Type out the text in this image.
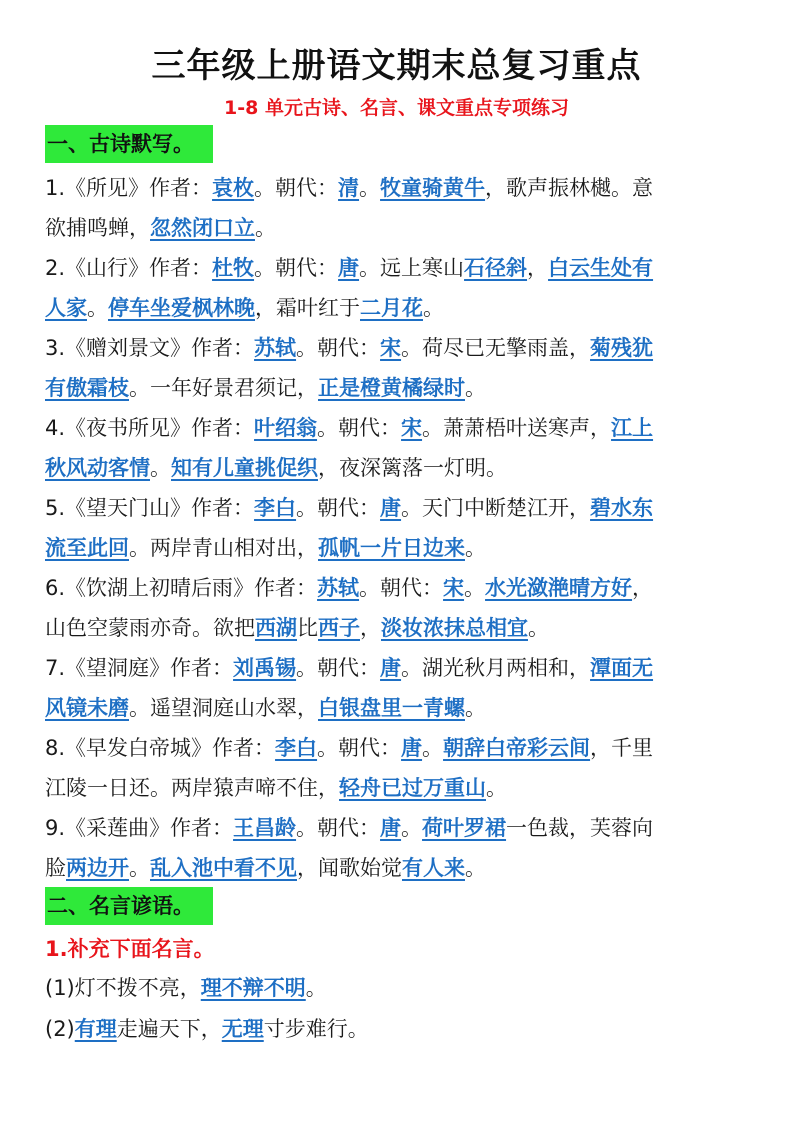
三年级上册语文期末总复习重点
1-8 单元古诗、名言、课文重点专项练习
一、古诗默写。
1.《所见》作者：袁枚。朝代：清。牧童骑黄牛，歌声振林樾。意
欲捕鸣蝉，忽然闭口立。
2.《山行》作者：杜牧。朝代：唐。远上寒山石径斜，白云生处有
人家。停车坐爱枫林晚，霜叶红于二月花。
3.《赠刘景文》作者：苏轼。朝代：宋。荷尽已无擎雨盖，菊残犹
有傲霜枝。一年好景君须记，正是橙黄橘绿时。
4.《夜书所见》作者：叶绍翁。朝代：宋。萧萧梧叶送寒声，江上
秋风动客情。知有儿童挑促织，夜深篱落一灯明。
5.《望天门山》作者：李白。朝代：唐。天门中断楚江开，碧水东
流至此回。两岸青山相对出，孤帆一片日边来。
6.《饮湖上初晴后雨》作者：苏轼。朝代：宋。水光潋滟晴方好，
山色空蒙雨亦奇。欲把西湖比西子，淡妆浓抹总相宜。
7.《望洞庭》作者：刘禹锡。朝代：唐。湖光秋月两相和，潭面无
风镜未磨。遥望洞庭山水翠，白银盘里一青螺。
8.《早发白帝城》作者：李白。朝代：唐。朝辞白帝彩云间，千里
江陵一日还。两岸猿声啼不住，轻舟已过万重山。
9.《采莲曲》作者：王昌龄。朝代：唐。荷叶罗裙一色裁，芙蓉向
脸两边开。乱入池中看不见，闻歌始觉有人来。
二、名言谚语。
1.补充下面名言。
(1)灯不拨不亮，理不辩不明。
(2)有理走遍天下，无理寸步难行。
